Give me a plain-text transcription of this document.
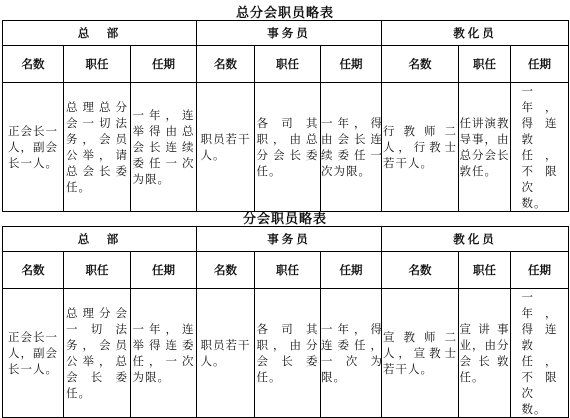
总分会职员略表
总　部			事务员			教化员		
名数	职任	任期	名数	职任	任期	名数	职任	任期

正会长一人，副会长一人。	总理总分会一切法务，会员公举，请总会长委任。	一年，连举得由总会长连续委任一次为限。	职员若干人。	各司其职，由总分会长委任。	一年，得由会长连续委任一次为限。	行教师二人，行教士若干人。	任讲演教导事，由总分会长敦任。	一年，得连敦任，不限次数。
分会职员略表
总　部			事务员			教化员		
名数	职任	任期	名数	职任	任期	名数	职任	任期

正会长一人，副会长一人。	总理分会一切法务，会员公举，总会长委任。	一年，连举得连委任，一次为限。	职员若干人。	各司其职，由分会长委任。	一年，得连委任，一次为限。	宣教师二人，宣教士若干人。	宣讲事业，由分会长敦任。	一年，得连敦任，不限次数。
